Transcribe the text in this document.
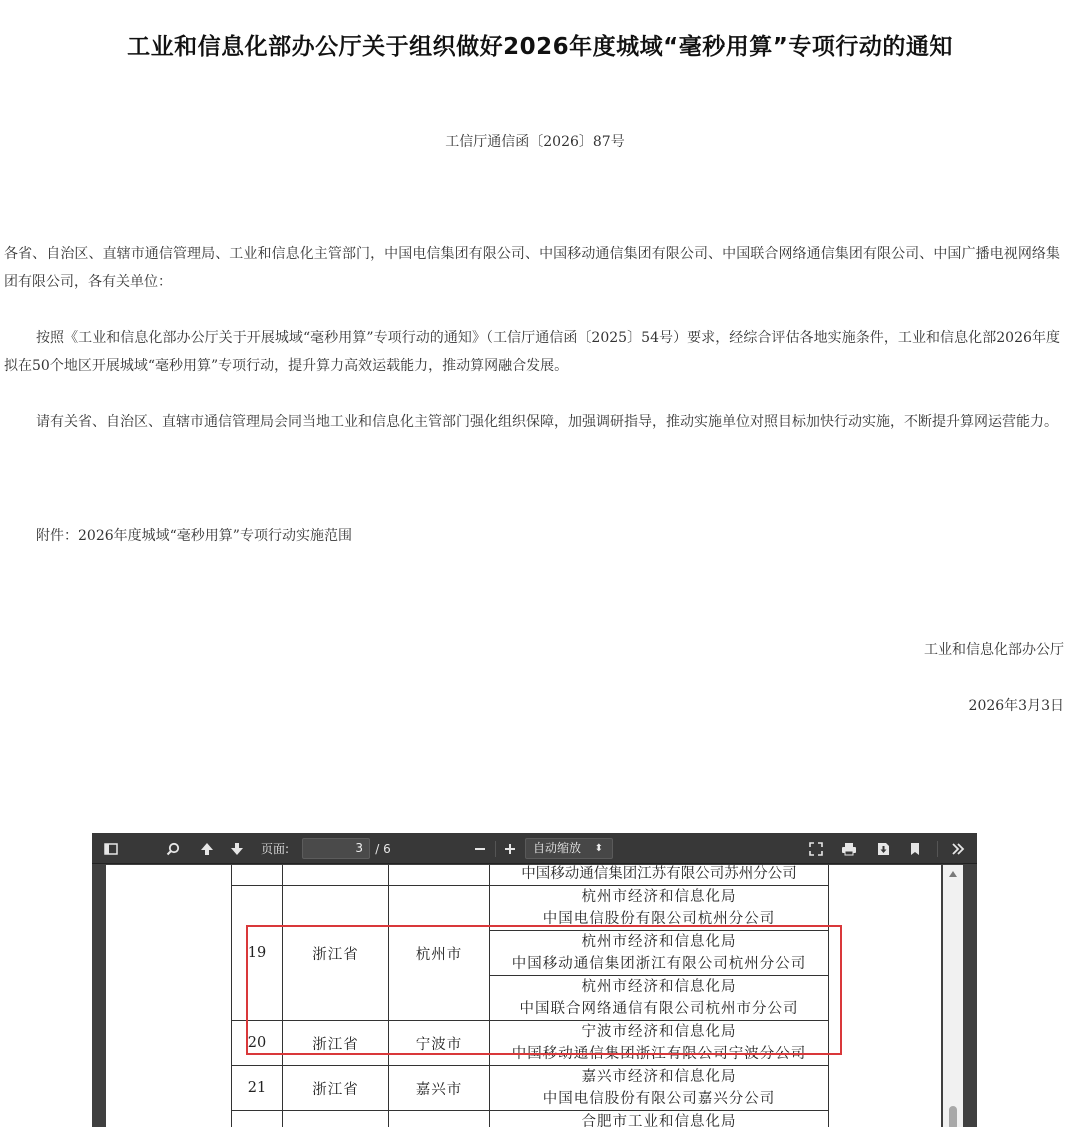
工业和信息化部办公厅关于组织做好2026年度城域“毫秒用算”专项行动的通知
工信厅通信函〔2026〕87号

各省、自治区、直辖市通信管理局、工业和信息化主管部门，中国电信集团有限公司、中国移动通信集团有限公司、中国联合网络通信集团有限公司、中国广播电视网络集团有限公司，各有关单位：

按照《工业和信息化部办公厅关于开展城域“毫秒用算”专项行动的通知》（工信厅通信函〔2025〕54号）要求，经综合评估各地实施条件，工业和信息化部2026年度拟在50个地区开展城域“毫秒用算”专项行动，提升算力高效运载能力，推动算网融合发展。

请有关省、自治区、直辖市通信管理局会同当地工业和信息化主管部门强化组织保障，加强调研指导，推动实施单位对照目标加快行动实施，不断提升算网运营能力。

附件：2026年度城域“毫秒用算”专项行动实施范围
工业和信息化部办公厅
2026年3月3日
页面:	3	/ 6	自动缩放 ⬍

			中国移动通信集团江苏有限公司苏州分公司

19	浙江省	杭州市	杭州市经济和信息化局
中国电信股份有限公司杭州分公司

			杭州市经济和信息化局
中国移动通信集团浙江有限公司杭州分公司

			杭州市经济和信息化局
中国联合网络通信有限公司杭州市分公司

20	浙江省	宁波市	宁波市经济和信息化局
中国移动通信集团浙江有限公司宁波分公司

21	浙江省	嘉兴市	嘉兴市经济和信息化局
中国电信股份有限公司嘉兴分公司

			合肥市工业和信息化局
